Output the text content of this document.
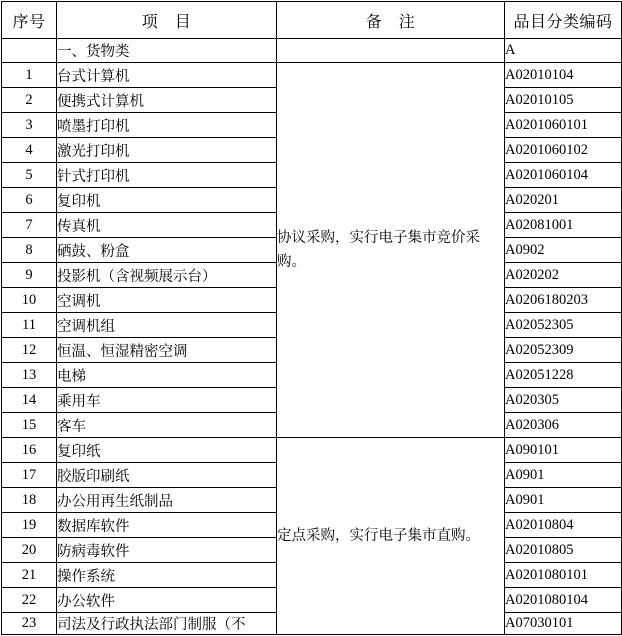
序号	项　目	备　注	品目分类编码
	一、货物类		A
1	台式计算机	协议采购，实行电子集市竞价采购。	A02010104
2	便携式计算机		A02010105
3	喷墨打印机		A0201060101
4	激光打印机		A0201060102
5	针式打印机		A0201060104
6	复印机		A020201
7	传真机		A02081001
8	硒鼓、粉盒		A0902
9	投影机（含视频展示台）		A020202
10	空调机		A0206180203
11	空调机组		A02052305
12	恒温、恒湿精密空调		A02052309
13	电梯		A02051228
14	乘用车		A020305
15	客车		A020306
16	复印纸	定点采购，实行电子集市直购。	A090101
17	胶版印刷纸		A0901
18	办公用再生纸制品		A0901
19	数据库软件		A02010804
20	防病毒软件		A02010805
21	操作系统		A0201080101
22	办公软件		A0201080104
23	司法及行政执法部门制服（不		A07030101
